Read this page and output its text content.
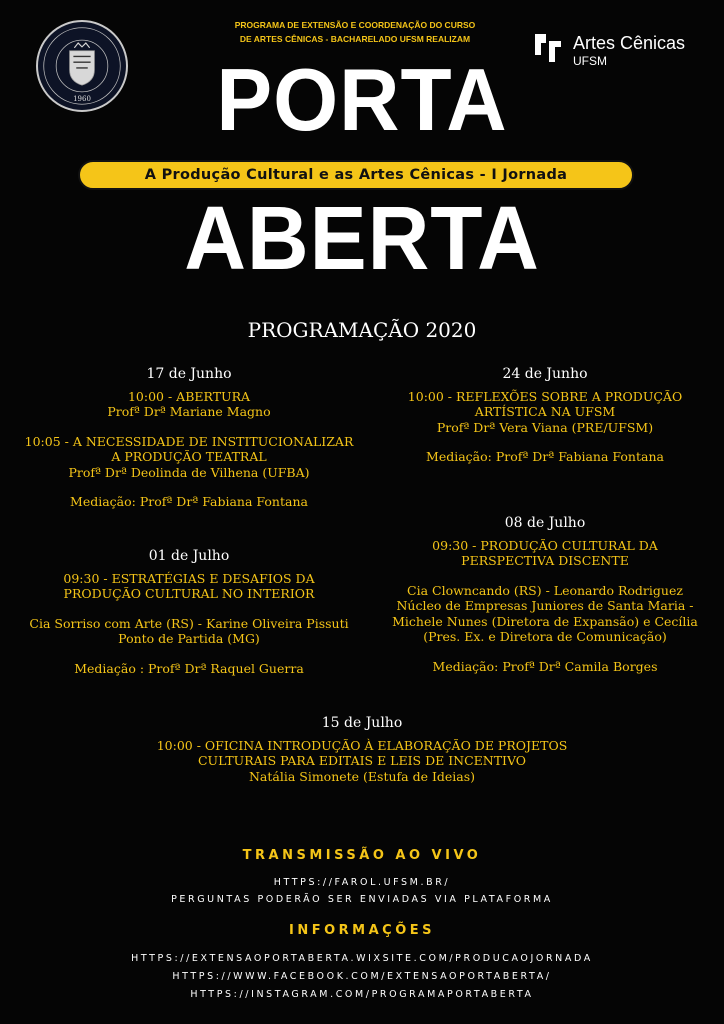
1960
PROGRAMA DE EXTENSÃO E COORDENAÇÃO DO CURSO
DE ARTES CÊNICAS - BACHARELADO UFSM REALIZAM	Artes Cênicas
UFSM
PORTA
A Produção Cultural e as Artes Cênicas - I Jornada
ABERTA
PROGRAMAÇÃO 2020
17 de Junho
10:00 - ABERTURA
Profª Drª Mariane Magno
10:05 - A NECESSIDADE DE INSTITUCIONALIZAR
A PRODUÇÃO TEATRAL
Profª Drª Deolinda de Vilhena (UFBA)
Mediação: Profª Drª Fabiana Fontana
01 de Julho
09:30 - ESTRATÉGIAS E DESAFIOS DA
PRODUÇÃO CULTURAL NO INTERIOR
Cia Sorriso com Arte (RS) - Karine Oliveira Pissuti
Ponto de Partida (MG)
Mediação : Profª Drª Raquel Guerra
24 de Junho
10:00 - REFLEXÕES SOBRE A PRODUÇÃO
ARTÍSTICA NA UFSM
Profª Drª Vera Viana (PRE/UFSM)
Mediação: Profª Drª Fabiana Fontana
08 de Julho
09:30 - PRODUÇÃO CULTURAL DA
PERSPECTIVA DISCENTE
Cia Clowncando (RS) - Leonardo Rodriguez
Núcleo de Empresas Juniores de Santa Maria -
Michele Nunes (Diretora de Expansão) e Cecília
(Pres. Ex. e Diretora de Comunicação)
Mediação: Profª Drª Camila Borges
15 de Julho
10:00 - OFICINA INTRODUÇÃO À ELABORAÇÃO DE PROJETOS
CULTURAIS PARA EDITAIS E LEIS DE INCENTIVO
Natália Simonete (Estufa de Ideias)
TRANSMISSÃO AO VIVO
HTTPS://FAROL.UFSM.BR/
PERGUNTAS PODERÃO SER ENVIADAS VIA PLATAFORMA
INFORMAÇÕES
HTTPS://EXTENSAOPORTABERTA.WIXSITE.COM/PRODUCAOJORNADA
HTTPS://WWW.FACEBOOK.COM/EXTENSAOPORTABERTA/
HTTPS://INSTAGRAM.COM/PROGRAMAPORTABERTA
